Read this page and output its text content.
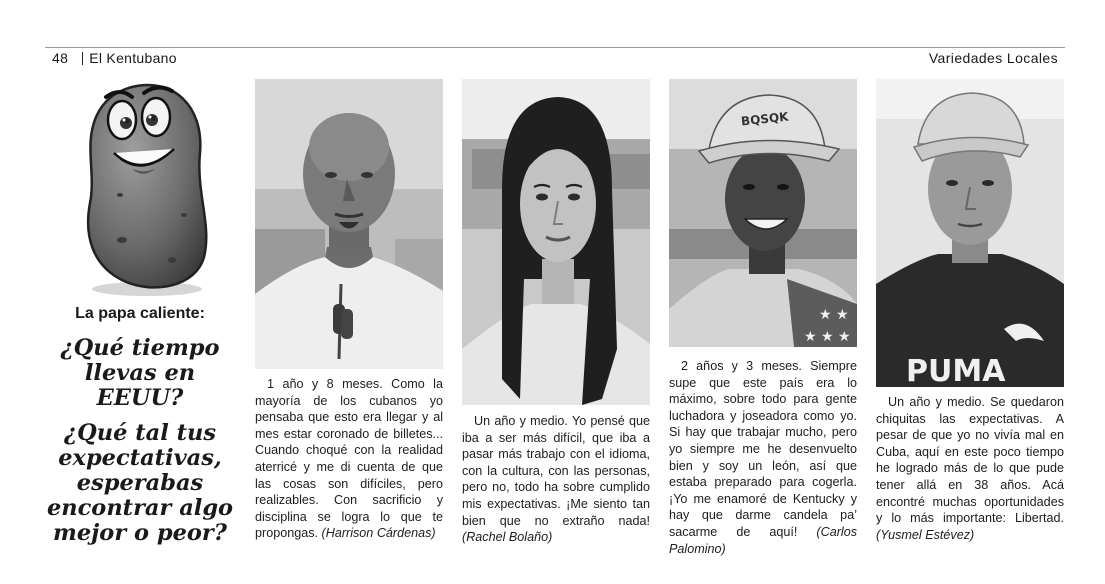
48 El Kentubano	Variedades Locales
La papa caliente:
¿Qué tiempo llevas en EEUU?
¿Qué tal tus expectativas, esperabas encontrar algo mejor o peor?
★ ★
★ ★ ★
BQSQK
PUMA
1 año y 8 meses. Como la mayoría de los cubanos yo pensaba que esto era llegar y al mes estar coronado de billetes... Cuando choqué con la realidad aterricé y me di cuenta de que las cosas son difíciles, pero realizables. Con sacrificio y disciplina se logra lo que te propongas. (Harrison Cárdenas)
Un año y medio. Yo pensé que iba a ser más difícil, que iba a pasar más trabajo con el idioma, con la cultura, con las personas, pero no, todo ha sobre cumplido mis expectativas. ¡Me siento tan bien que no extraño nada! (Rachel Bolaño)
2 años y 3 meses. Siempre supe que este país era lo máximo, sobre todo para gente luchadora y joseadora como yo. Si hay que trabajar mucho, pero yo siempre me he desenvuelto bien y soy un león, así que estaba preparado para cogerla. ¡Yo me enamoré de Kentucky y hay que darme candela pa’ sacarme de aquí! (Carlos Palomino)
Un año y medio. Se quedaron chiquitas las expectativas. A pesar de que yo no vivía mal en Cuba, aquí en este poco tiempo he logrado más de lo que pude tener allá en 38 años. Acá encontré muchas oportunidades y lo más importante: Libertad. (Yusmel Estévez)
